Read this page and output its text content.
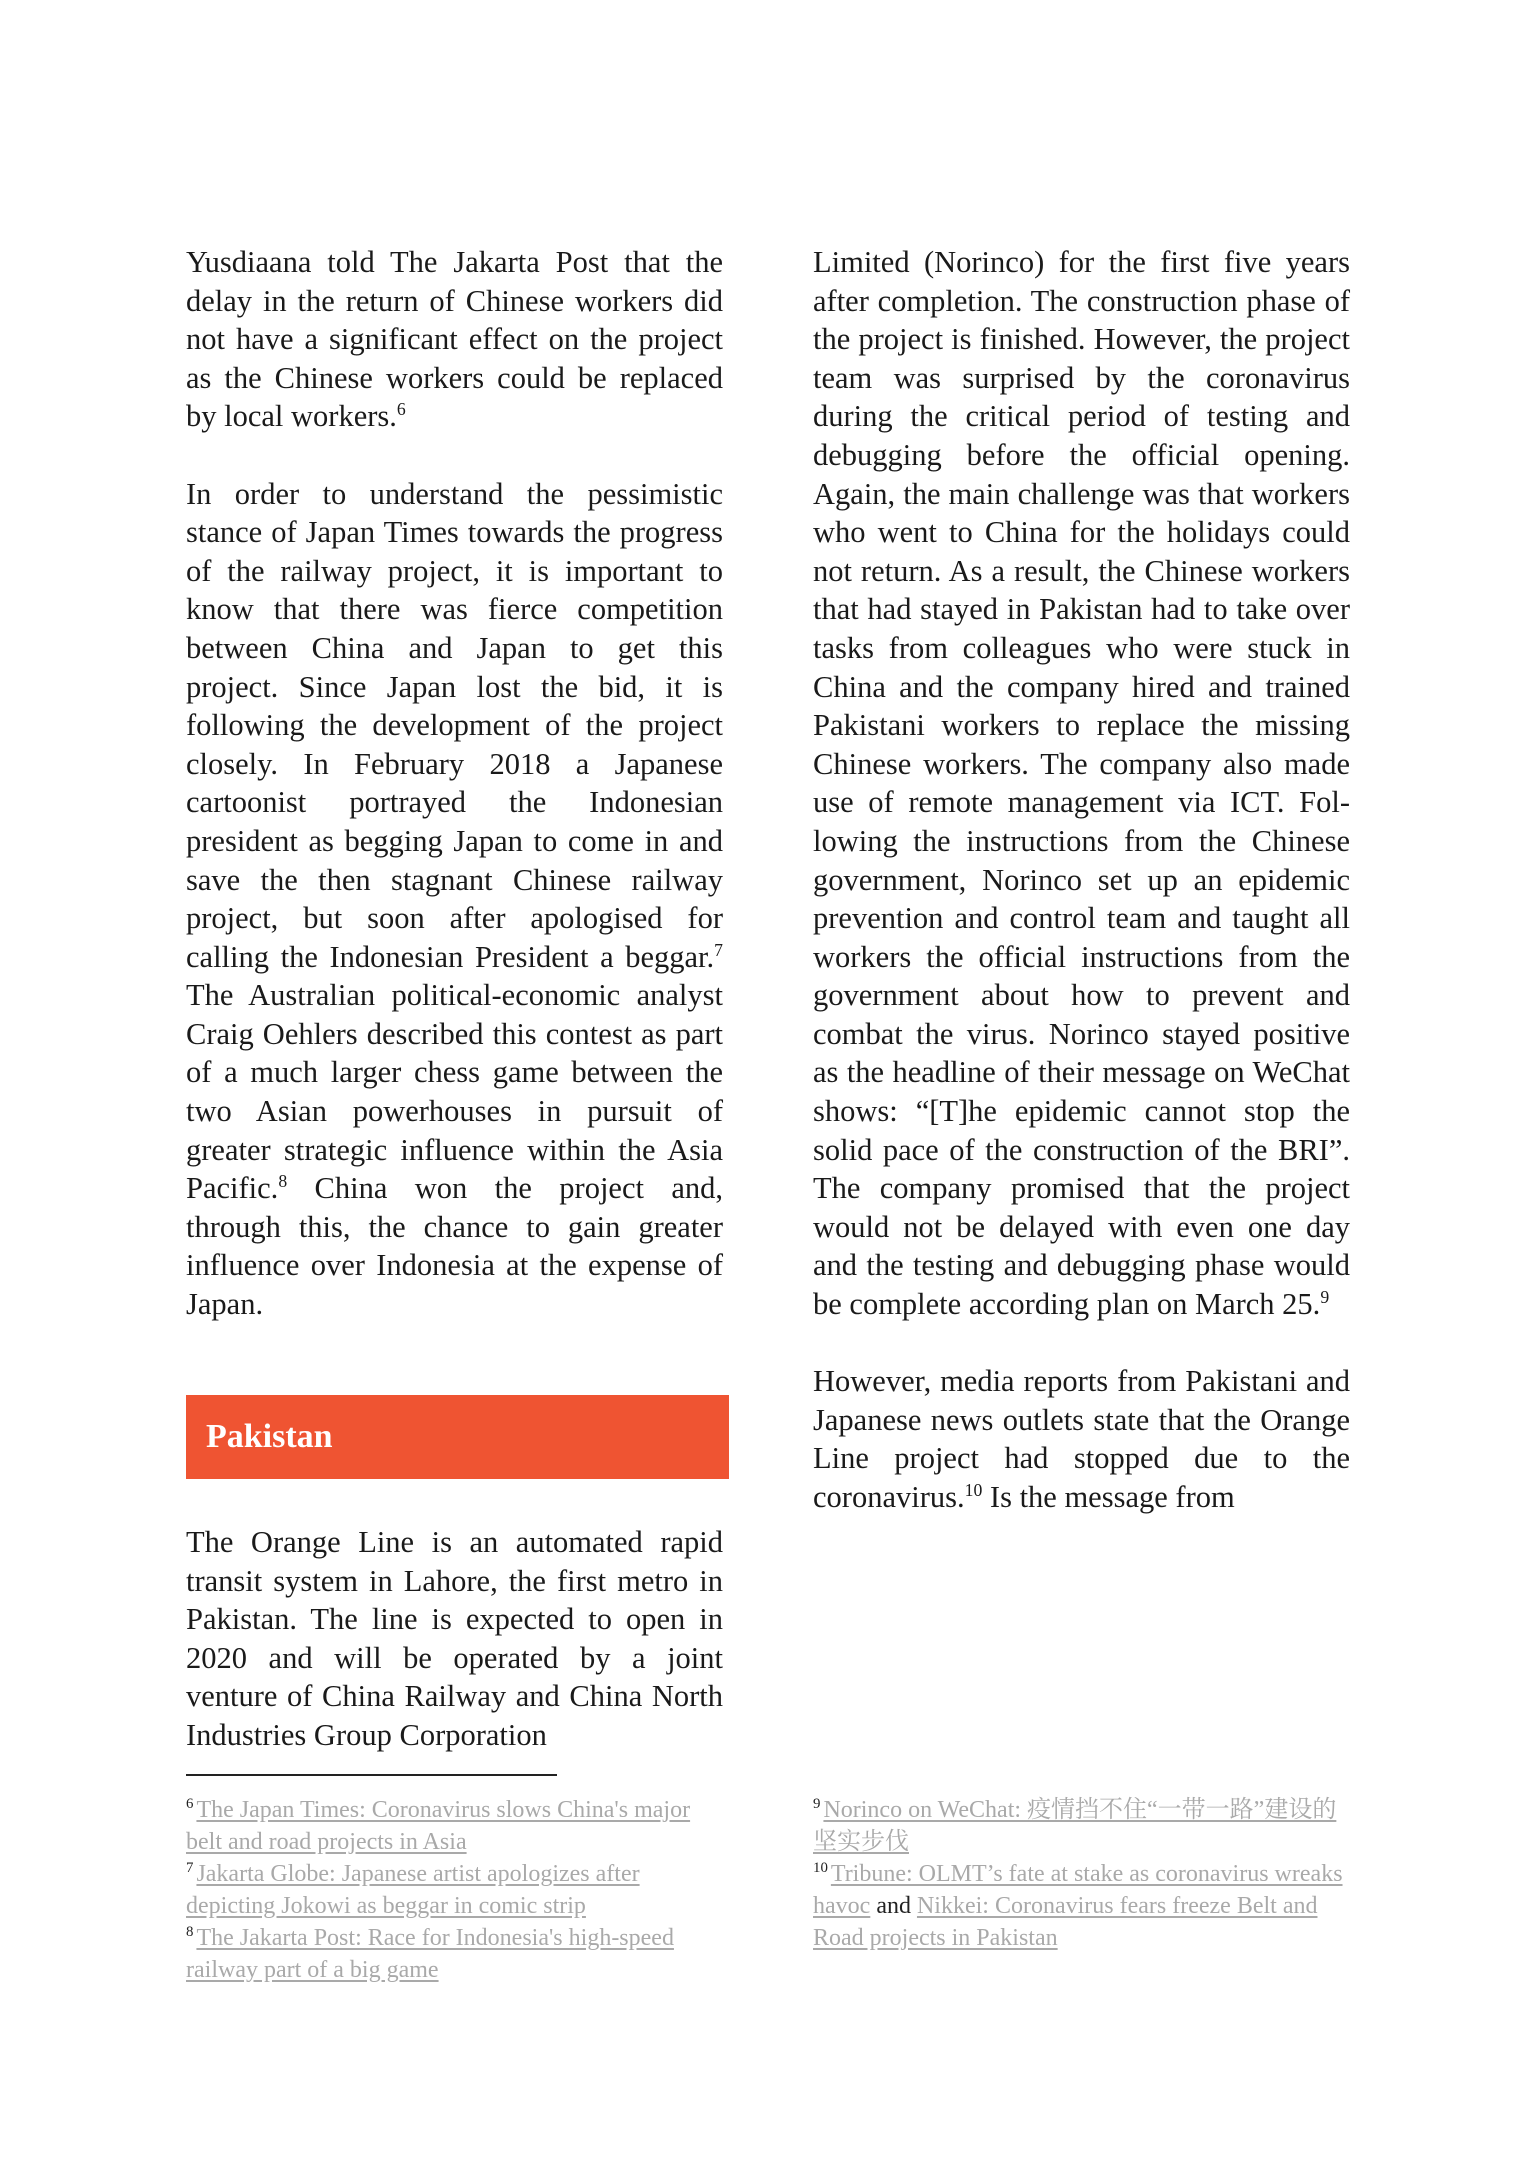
Yusdiaana told The Jakarta Post that the delay in the return of Chinese workers did not have a significant effect on the project as the Chinese workers could be replaced by local workers.$^6$

In order to understand the pessimistic stance of Japan Times towards the progress of the railway project, it is important to know that there was fierce competition between China and Japan to get this project. Since Japan lost the bid, it is following the development of the project closely. In February 2018 a Japanese cartoonist portrayed the Indonesian president as begging Japan to come in and save the then stagnant Chinese railway project, but soon after apologised for calling the Indonesian President a beggar.$^7$ The Australian political-economic analyst Craig Oehlers described this contest as part of a much larger chess game between the two Asian powerhouses in pursuit of greater strategic influence within the Asia Pacific.$^8$ China won the project and, through this, the chance to gain greater influence over Indonesia at the expense of Japan.

Pakistan

The Orange Line is an automated rapid transit system in Lahore, the first metro in Pakistan. The line is expected to open in 2020 and will be operated by a joint venture of China Railway and China North Industries Group Corporation

Limited (Norinco) for the first five years after completion. The construction phase of the project is finished. However, the project team was surprised by the coronavirus during the critical period of testing and debugging before the official opening. Again, the main challenge was that workers who went to China for the holidays could not return. As a result, the Chinese workers that had stayed in Pakistan had to take over tasks from colleagues who were stuck in China and the company hired and trained Pakistani workers to replace the missing Chinese workers. The company also made use of remote management via ICT. Following the instructions from the Chinese government, Norinco set up an epidemic prevention and control team and taught all workers the official instructions from the government about how to prevent and combat the virus. Norinco stayed positive as the headline of their message on WeChat shows: “[T]he epidemic cannot stop the solid pace of the construction of the BRI”. The company promised that the project would not be delayed with even one day and the testing and debugging phase would be complete according plan on March 25.$^9$

However, media reports from Pakistani and Japanese news outlets state that the Orange Line project had stopped due to the coronavirus.$^{10}$ Is the message from

$^6$ The Japan Times: Coronavirus slows China's major belt and road projects in Asia

$^7$ Jakarta Globe: Japanese artist apologizes after depicting Jokowi as beggar in comic strip

$^8$ The Jakarta Post: Race for Indonesia's high-speed railway part of a big game

$^9$ Norinco on WeChat: 疫情挡不住“一带一路”建设的坚实步伐

$^{10}$ Tribune: OLMT’s fate at stake as coronavirus wreaks havoc and Nikkei: Coronavirus fears freeze Belt and Road projects in Pakistan
